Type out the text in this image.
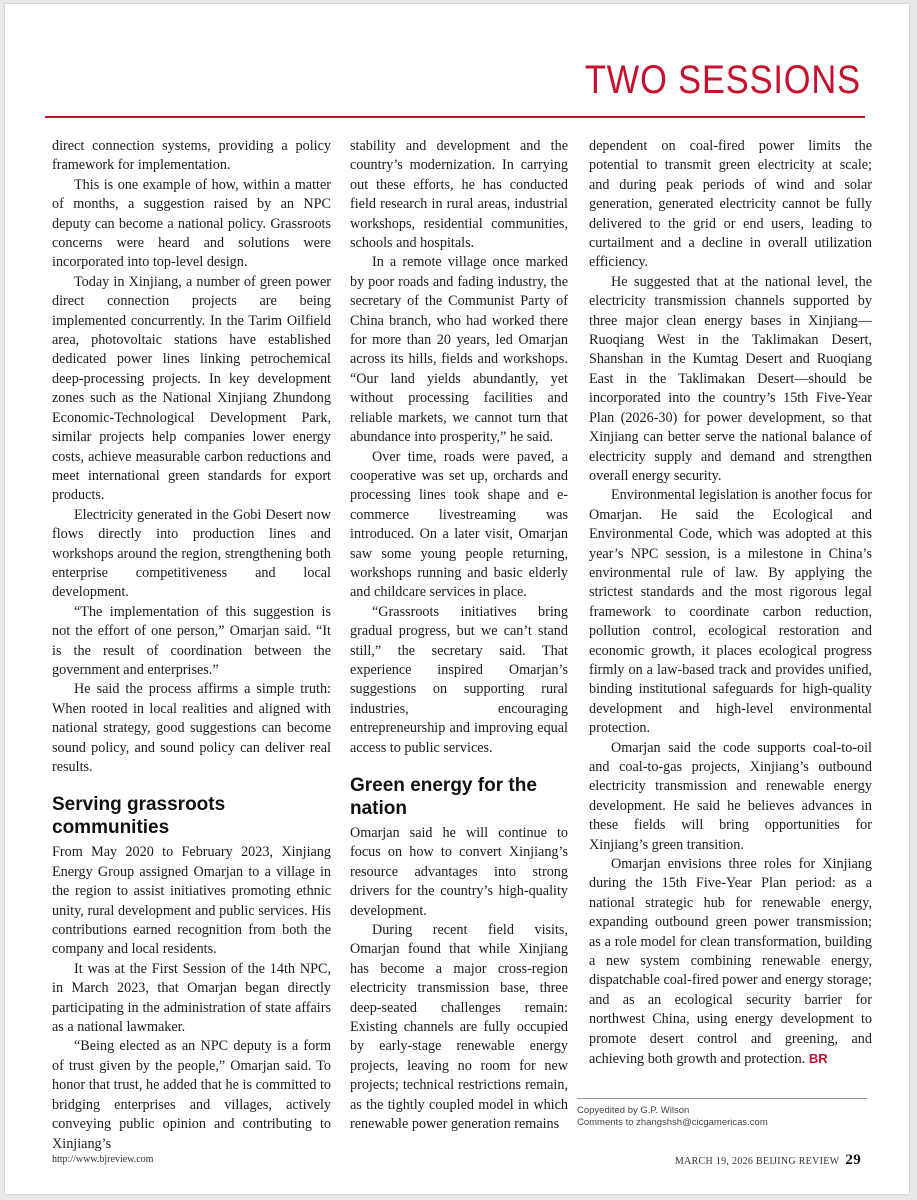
TWO SESSIONS

direct connection systems, providing a policy framework for implementation.

This is one example of how, within a matter of months, a suggestion raised by an NPC deputy can become a national policy. Grassroots concerns were heard and solutions were incorporated into top-level design.

Today in Xinjiang, a number of green power direct connection projects are being implemented concurrently. In the Tarim Oilfield area, photovoltaic stations have established dedicated power lines linking petrochemical deep-processing projects. In key development zones such as the National Xinjiang Zhundong Economic-Technological Development Park, similar projects help companies lower energy costs, achieve measurable carbon reductions and meet international green standards for export products.

Electricity generated in the Gobi Desert now flows directly into production lines and workshops around the region, strengthening both enterprise competitiveness and local development.

“The implementation of this suggestion is not the effort of one person,” Omarjan said. “It is the result of coordination between the government and enterprises.”

He said the process affirms a simple truth: When rooted in local realities and aligned with national strategy, good suggestions can become sound policy, and sound policy can deliver real results.

Serving grassroots communities

From May 2020 to February 2023, Xinjiang Energy Group assigned Omarjan to a village in the region to assist initiatives promoting ethnic unity, rural development and public services. His contributions earned recognition from both the company and local residents.

It was at the First Session of the 14th NPC, in March 2023, that Omarjan began directly participating in the administration of state affairs as a national lawmaker.

“Being elected as an NPC deputy is a form of trust given by the people,” Omarjan said. To honor that trust, he added that he is committed to bridging enterprises and villages, actively conveying public opinion and contributing to Xinjiang’s

stability and development and the country’s modernization. In carrying out these efforts, he has conducted field research in rural areas, industrial workshops, residential communities, schools and hospitals.

In a remote village once marked by poor roads and fading industry, the secretary of the Communist Party of China branch, who had worked there for more than 20 years, led Omarjan across its hills, fields and workshops. “Our land yields abundantly, yet without processing facilities and reliable markets, we cannot turn that abundance into prosperity,” he said.

Over time, roads were paved, a cooperative was set up, orchards and processing lines took shape and e-commerce livestreaming was introduced. On a later visit, Omarjan saw some young people returning, workshops running and basic elderly and childcare services in place.

“Grassroots initiatives bring gradual progress, but we can’t stand still,” the secretary said. That experience inspired Omarjan’s suggestions on supporting rural industries, encouraging entrepreneurship and improving equal access to public services.

Green energy for the nation

Omarjan said he will continue to focus on how to convert Xinjiang’s resource advantages into strong drivers for the country’s high-quality development.

During recent field visits, Omarjan found that while Xinjiang has become a major cross-region electricity transmission base, three deep-seated challenges remain: Existing channels are fully occupied by early-stage renewable energy projects, leaving no room for new projects; technical restrictions remain, as the tightly coupled model in which renewable power generation remains

dependent on coal-fired power limits the potential to transmit green electricity at scale; and during peak periods of wind and solar generation, generated electricity cannot be fully delivered to the grid or end users, leading to curtailment and a decline in overall utilization efficiency.

He suggested that at the national level, the electricity transmission channels supported by three major clean energy bases in Xinjiang—Ruoqiang West in the Taklimakan Desert, Shanshan in the Kumtag Desert and Ruoqiang East in the Taklimakan Desert—should be incorporated into the country’s 15th Five-Year Plan (2026-30) for power development, so that Xinjiang can better serve the national balance of electricity supply and demand and strengthen overall energy security.

Environmental legislation is another focus for Omarjan. He said the Ecological and Environmental Code, which was adopted at this year’s NPC session, is a milestone in China’s environmental rule of law. By applying the strictest standards and the most rigorous legal framework to coordinate carbon reduction, pollution control, ecological restoration and economic growth, it places ecological progress firmly on a law-based track and provides unified, binding institutional safeguards for high-quality development and high-level environmental protection.

Omarjan said the code supports coal-to-oil and coal-to-gas projects, Xinjiang’s outbound electricity transmission and renewable energy development. He said he believes advances in these fields will bring opportunities for Xinjiang’s green transition.

Omarjan envisions three roles for Xinjiang during the 15th Five-Year Plan period: as a national strategic hub for renewable energy, expanding outbound green power transmission; as a role model for clean transformation, building a new system combining renewable energy, dispatchable coal-fired power and energy storage; and as an ecological security barrier for northwest China, using energy development to promote desert control and greening, and achieving both growth and protection. BR

Copyedited by G.P. Wilson
Comments to zhangshsh@cicgamericas.com
http://www.bjreview.com	MARCH 19, 2026 BEIJING REVIEW 29
